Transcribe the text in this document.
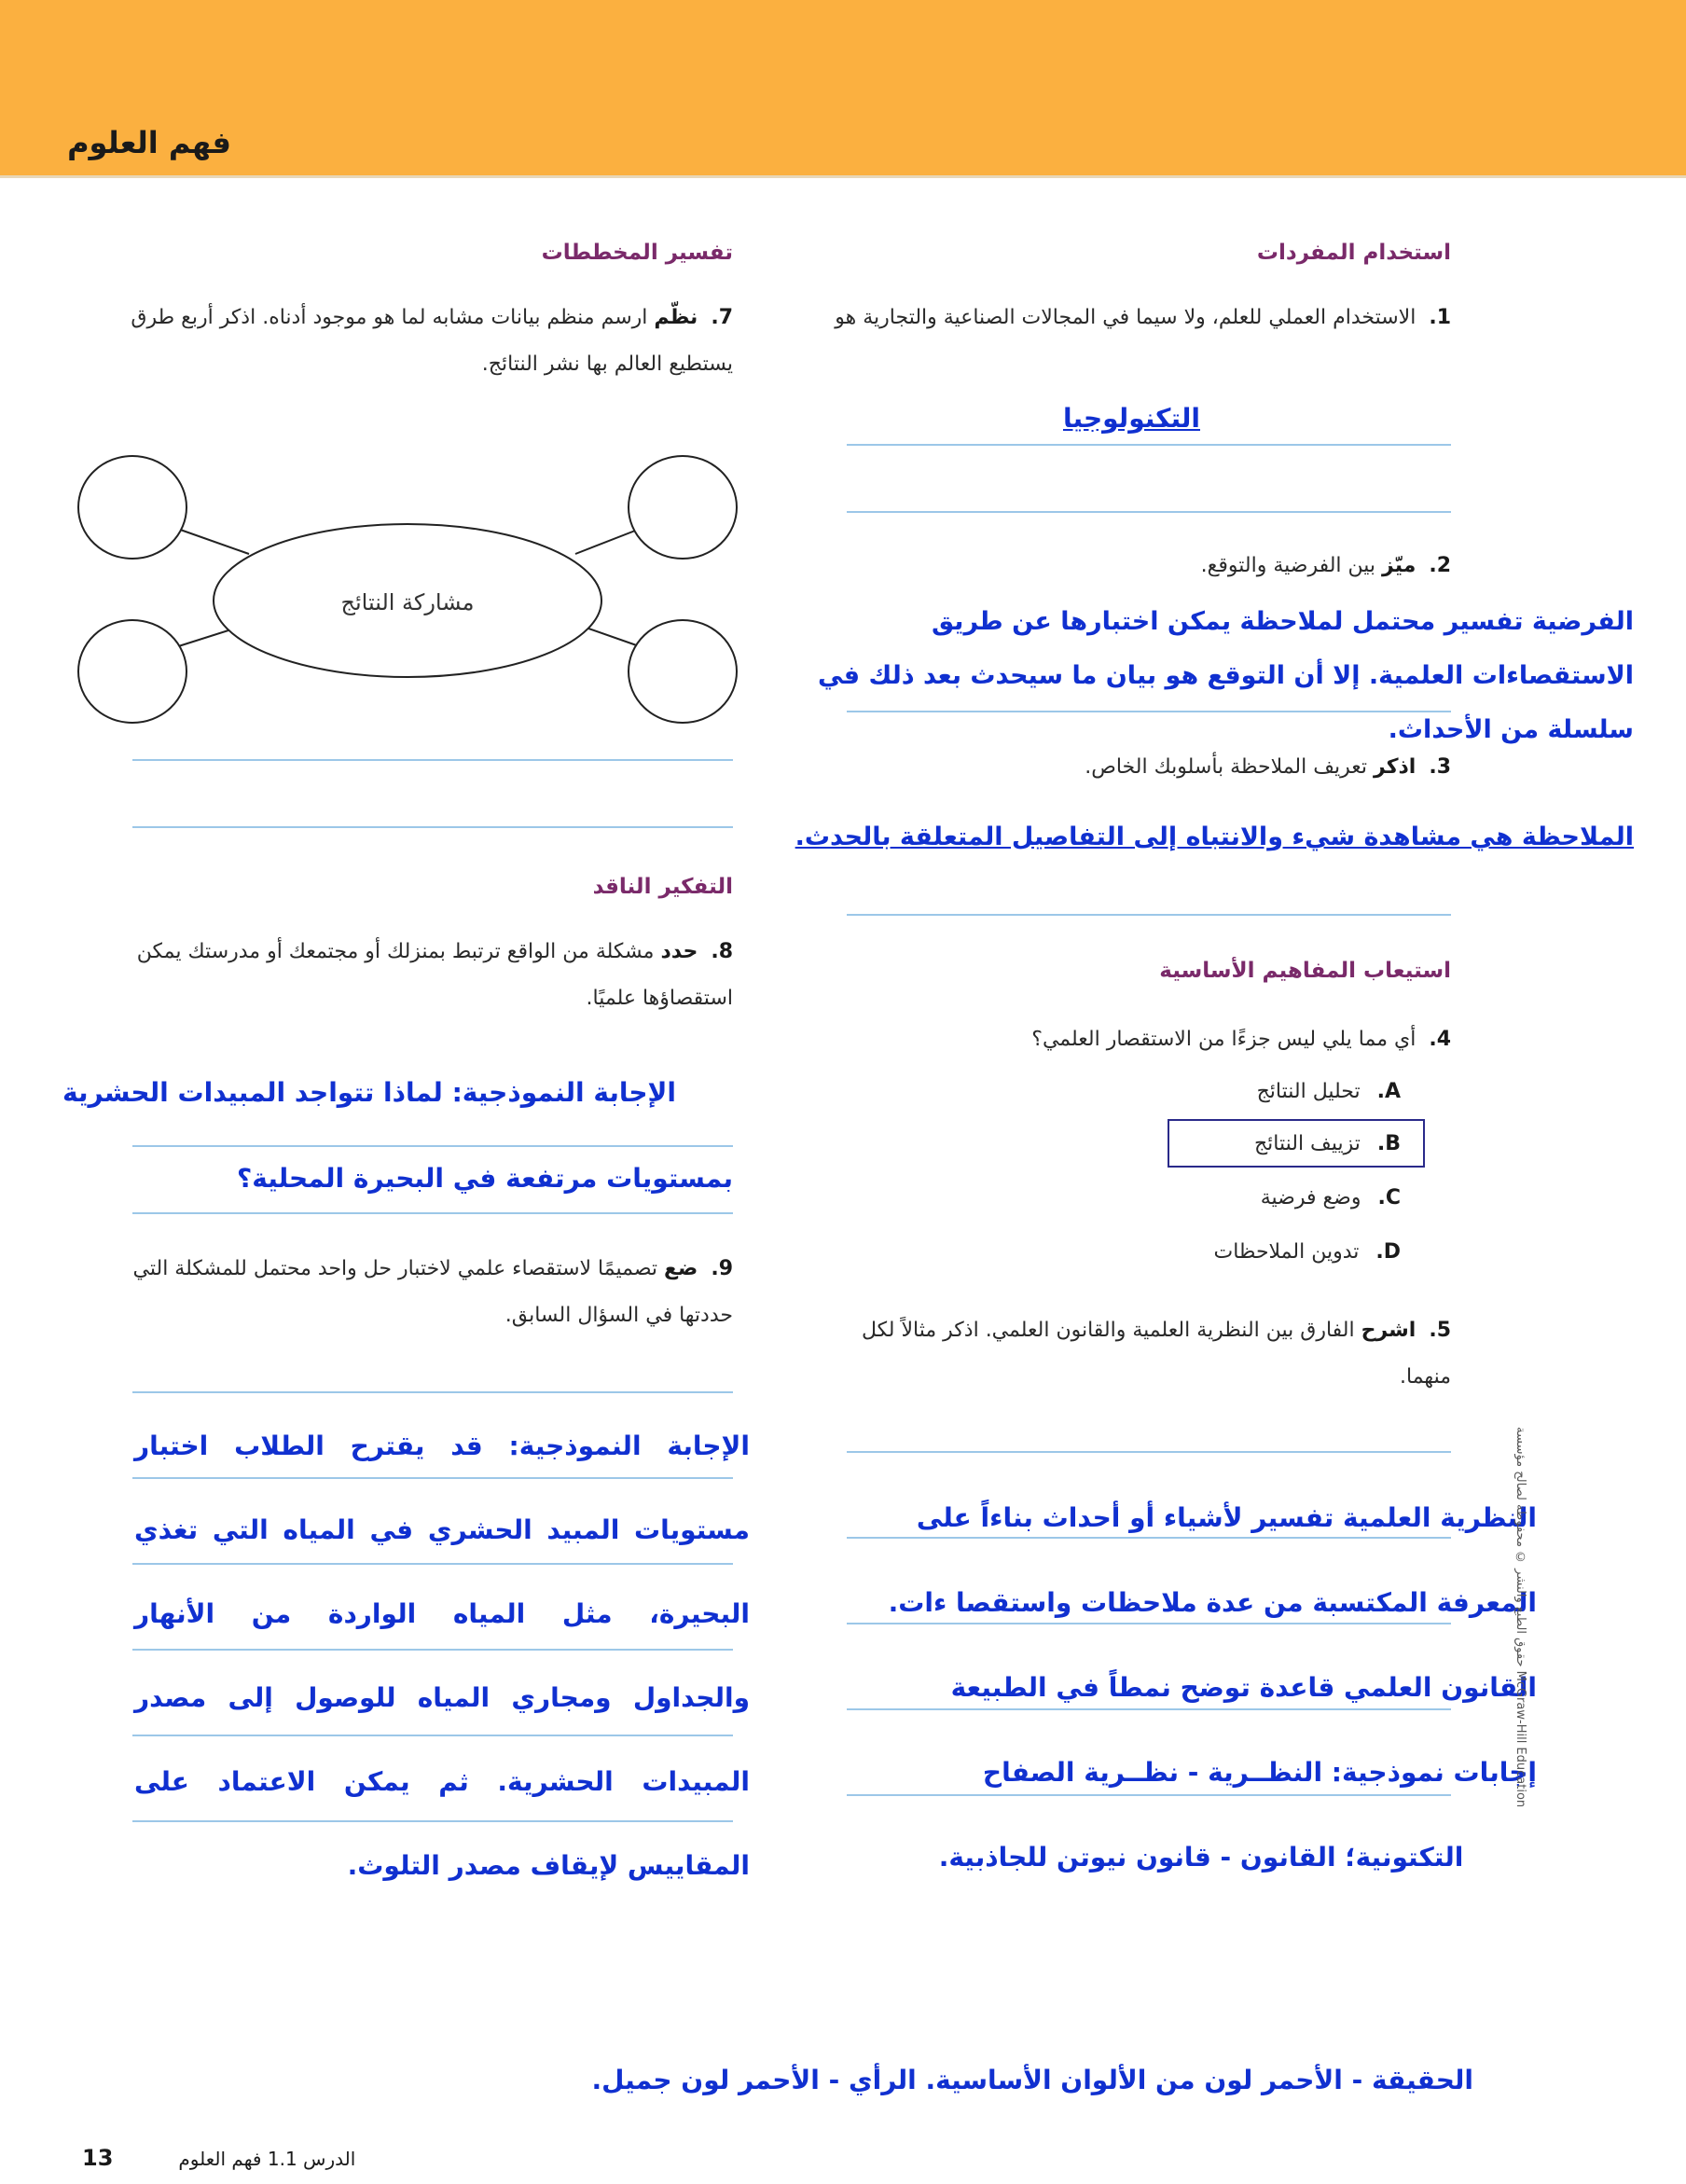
فهم العلوم
استخدام المفردات
1.الاستخدام العملي للعلم، ولا سيما في المجالات الصناعية والتجارية هو
التكنولوجيا
2.ميّز بين الفرضية والتوقع.
الفرضية تفسير محتمل لملاحظة يمكن اختبارها عن طريق الاستقصاءات العلمية. إلا أن التوقع هو بيان ما سيحدث بعد ذلك في سلسلة من الأحداث.
3.اذكر تعريف الملاحظة بأسلوبك الخاص.
الملاحظة هي مشاهدة شيء والانتباه إلى التفاصيل المتعلقة بالحدث.
استيعاب المفاهيم الأساسية
4.أي مما يلي ليس جزءًا من الاستقصار العلمي؟
A.تحليل النتائج
B.تزييف النتائج
C.وضع فرضية
D.تدوين الملاحظات
5.اشرح الفارق بين النظرية العلمية والقانون العلمي. اذكر مثالاً لكل منهما.
النظرية العلمية تفسير لأشياء أو أحداث بناءاً على
المعرفة المكتسبة من عدة ملاحظات واستقصا ءات.
القانون العلمي قاعدة توضح نمطاً في الطبيعة
إجابات نموذجية: النظــرية - نظــرية الصفاح
التكتونية؛ القانون - قانون نيوتن للجاذبية.
حقوق الطبع والنشر © محفوظة لصالح مؤسسة McGraw-Hill Education
تفسير المخططات
7.نظّم ارسم منظم بيانات مشابه لما هو موجود أدناه. اذكر أربع طرق يستطيع العالم بها نشر النتائج.
مشاركة النتائج
التفكير الناقد
8.حدد مشكلة من الواقع ترتبط بمنزلك أو مجتمعك أو مدرستك يمكن استقصاؤها علميًا.
الإجابة النموذجية: لماذا تتواجد المبيدات الحشرية
بمستويات مرتفعة في البحيرة المحلية؟
9.ضع تصميمًا لاستقصاء علمي لاختبار حل واحد محتمل للمشكلة التي حددتها في السؤال السابق.
الإجابة النموذجية: قد يقترح الطلاب اختبار
مستويات المبيد الحشري في المياه التي تغذي
البحيرة، مثل المياه الواردة من الأنهار
والجداول ومجاري المياه للوصول إلى مصدر
المبيدات الحشرية. ثم يمكن الاعتماد على
المقاييس لإيقاف مصدر التلوث.
الحقيقة - الأحمر لون من الألوان الأساسية. الرأي - الأحمر لون جميل.
13	الدرس 1.1 فهم العلوم
